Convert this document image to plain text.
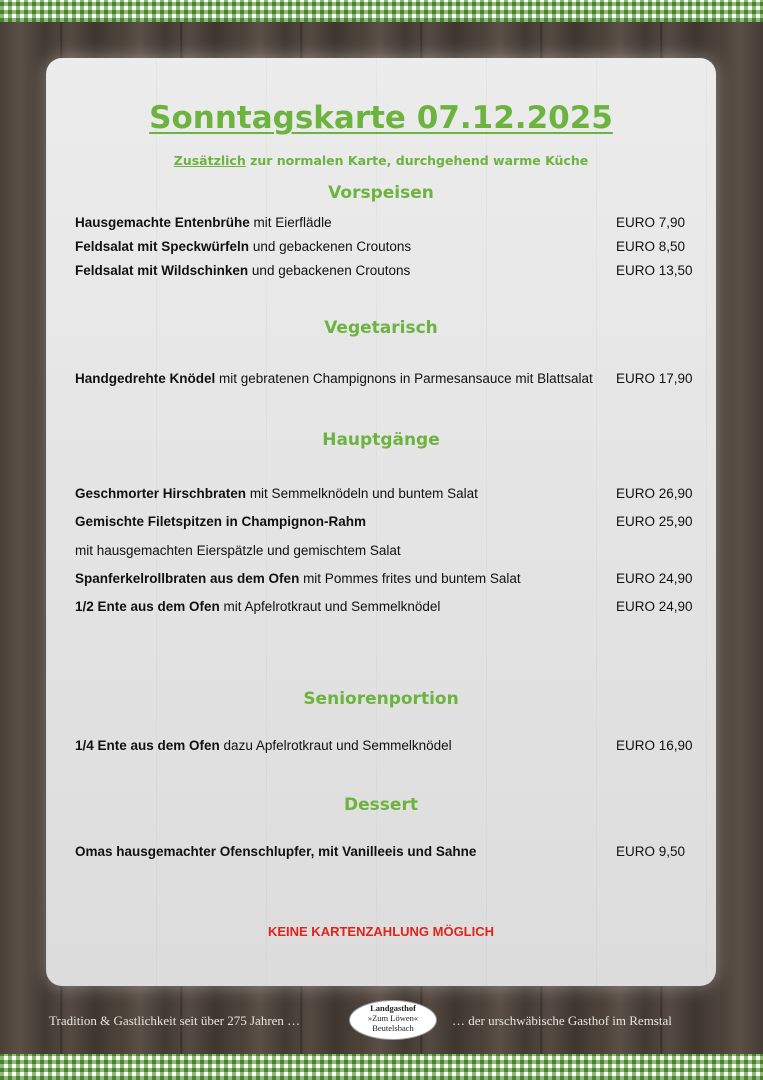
Sonntagskarte 07.12.2025
Zusätzlich zur normalen Karte, durchgehend warme Küche
Vorspeisen
Hausgemachte Entenbrühe mit Eierflädle	EURO 7,90
Feldsalat mit Speckwürfeln und gebackenen Croutons	EURO 8,50
Feldsalat mit Wildschinken und gebackenen Croutons	EURO 13,50
Vegetarisch
Handgedrehte Knödel mit gebratenen Champignons in Parmesansauce mit Blattsalat EURO 17,90
Hauptgänge
Geschmorter Hirschbraten mit Semmelknödeln und buntem Salat	EURO 26,90
Gemischte Filetspitzen in Champignon-Rahm	EURO 25,90
mit hausgemachten Eierspätzle und gemischtem Salat
Spanferkelrollbraten aus dem Ofen mit Pommes frites und buntem Salat	EURO 24,90
1/2 Ente aus dem Ofen mit Apfelrotkraut und Semmelknödel	EURO 24,90
Seniorenportion
1/4 Ente aus dem Ofen dazu Apfelrotkraut und Semmelknödel	EURO 16,90
Dessert
Omas hausgemachter Ofenschlupfer, mit Vanilleeis und Sahne	EURO 9,50
KEINE KARTENZAHLUNG MÖGLICH
Tradition & Gastlichkeit seit über 275 Jahren …
Landgasthof
»Zum Löwen«
Beutelsbach	… der urschwäbische Gasthof im Remstal
